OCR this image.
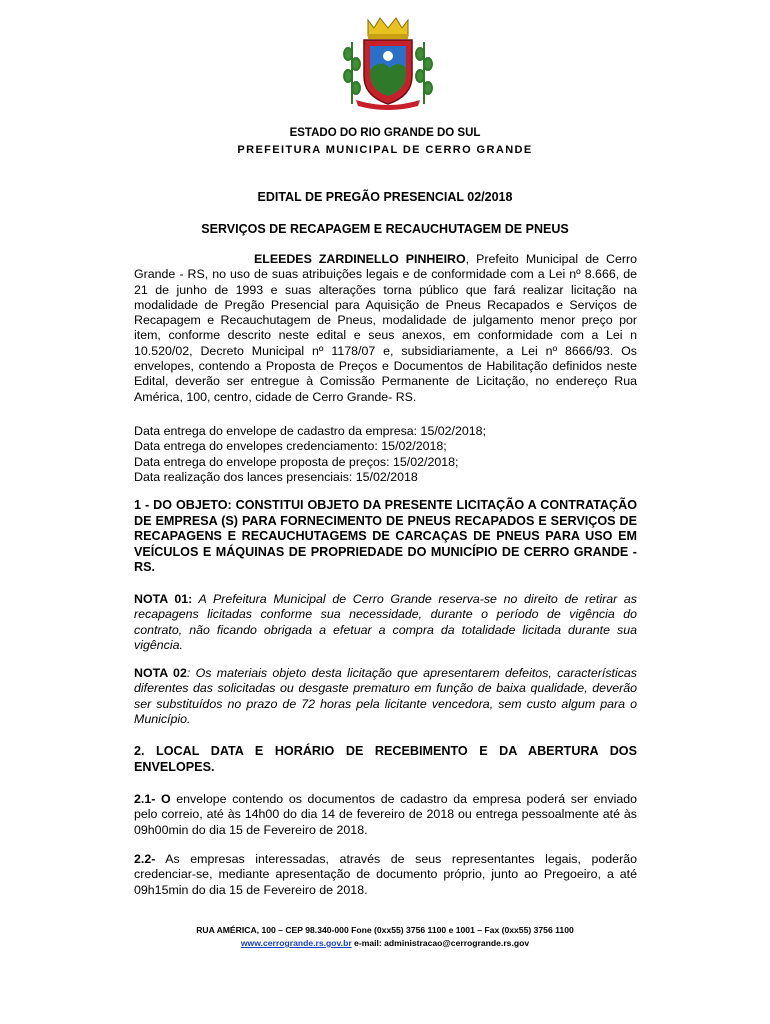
ESTADO DO RIO GRANDE DO SUL
PREFEITURA MUNICIPAL DE CERRO GRANDE
EDITAL DE PREGÃO PRESENCIAL 02/2018
SERVIÇOS DE RECAPAGEM E RECAUCHUTAGEM DE PNEUS
ELEEDES ZARDINELLO PINHEIRO, Prefeito Municipal de Cerro Grande - RS, no uso de suas atribuições legais e de conformidade com a Lei nº 8.666, de 21 de junho de 1993 e suas alterações torna público que fará realizar licitação na modalidade de Pregão Presencial para Aquisição de Pneus Recapados e Serviços de Recapagem e Recauchutagem de Pneus, modalidade de julgamento menor preço por item, conforme descrito neste edital e seus anexos, em conformidade com a Lei n 10.520/02, Decreto Municipal nº 1178/07 e, subsidiariamente, a Lei nº 8666/93. Os envelopes, contendo a Proposta de Preços e Documentos de Habilitação definidos neste Edital, deverão ser entregue à Comissão Permanente de Licitação, no endereço Rua América, 100, centro, cidade de Cerro Grande- RS.
Data entrega do envelope de cadastro da empresa: 15/02/2018;
Data entrega do envelopes credenciamento: 15/02/2018;
Data entrega do envelope proposta de preços: 15/02/2018;
Data realização dos lances presenciais: 15/02/2018
1 - DO OBJETO: CONSTITUI OBJETO DA PRESENTE LICITAÇÃO A CONTRATAÇÃO DE EMPRESA (S) PARA FORNECIMENTO DE PNEUS RECAPADOS E SERVIÇOS DE RECAPAGENS E RECAUCHUTAGEMS DE CARCAÇAS DE PNEUS PARA USO EM VEÍCULOS E MÁQUINAS DE PROPRIEDADE DO MUNICÍPIO DE CERRO GRANDE - RS.
NOTA 01: A Prefeitura Municipal de Cerro Grande reserva-se no direito de retirar as recapagens licitadas conforme sua necessidade, durante o período de vigência do contrato, não ficando obrigada a efetuar a compra da totalidade licitada durante sua vigência.
NOTA 02: Os materiais objeto desta licitação que apresentarem defeitos, características diferentes das solicitadas ou desgaste prematuro em função de baixa qualidade, deverão ser substituídos no prazo de 72 horas pela licitante vencedora, sem custo algum para o Município.
2. LOCAL DATA E HORÁRIO DE RECEBIMENTO E DA ABERTURA DOS ENVELOPES.
2.1- O envelope contendo os documentos de cadastro da empresa poderá ser enviado pelo correio, até às 14h00 do dia 14 de fevereiro de 2018 ou entrega pessoalmente até às 09h00min do dia 15 de Fevereiro de 2018.
2.2- As empresas interessadas, através de seus representantes legais, poderão credenciar-se, mediante apresentação de documento próprio, junto ao Pregoeiro, a até 09h15min do dia 15 de Fevereiro de 2018.
RUA AMÉRICA, 100 – CEP 98.340-000 Fone (0xx55) 3756 1100 e 1001 – Fax (0xx55) 3756 1100
www.cerrogrande.rs.gov.br e-mail: administracao@cerrogrande.rs.gov
